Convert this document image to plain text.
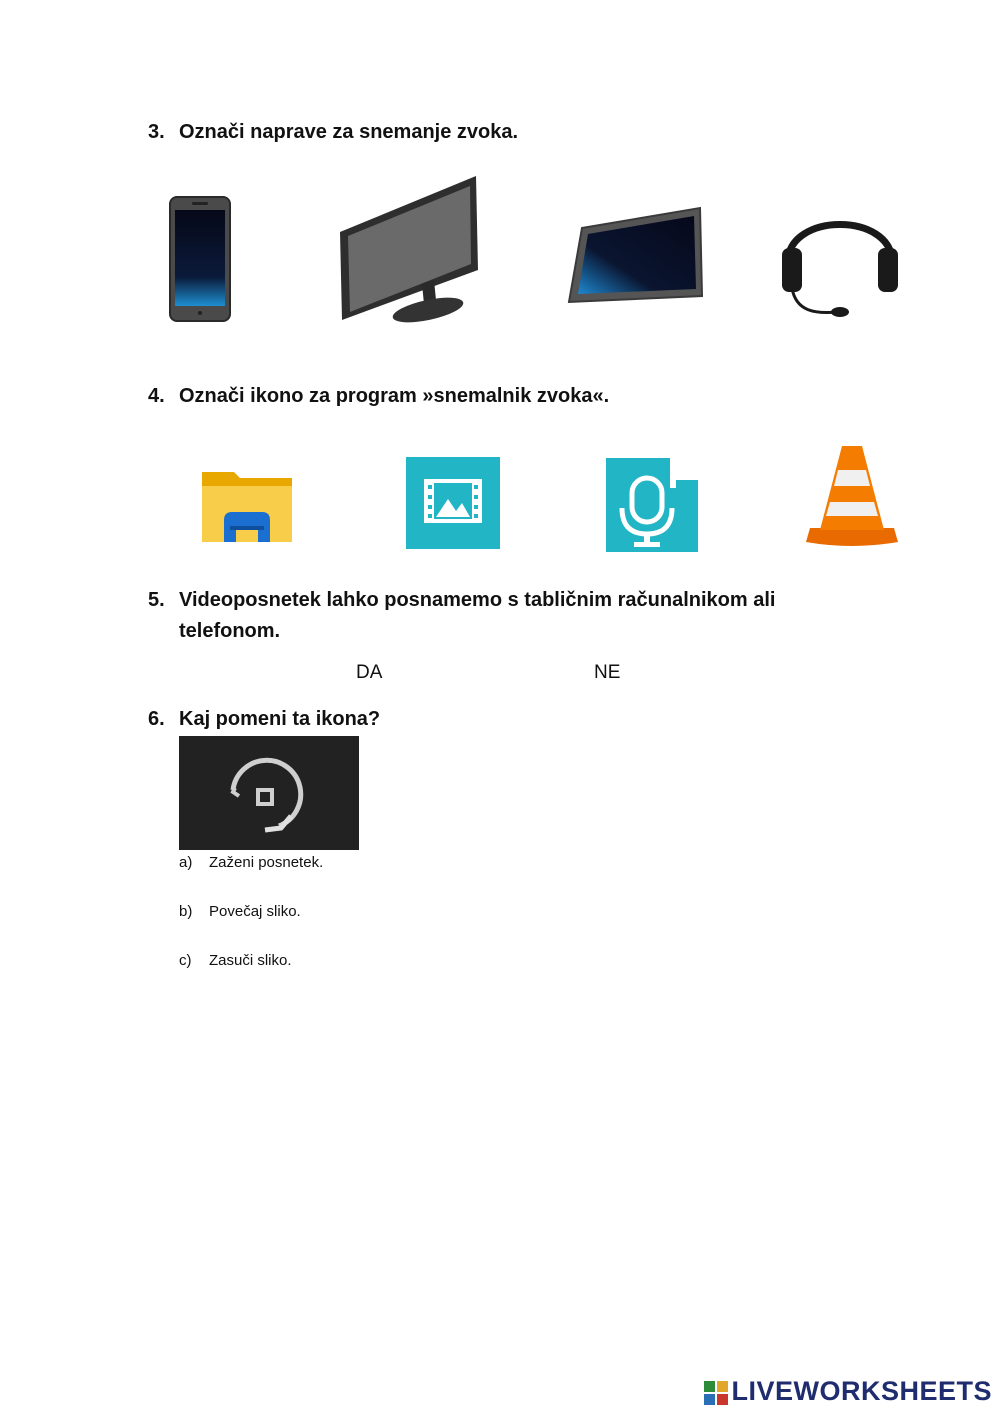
3. Označi naprave za snemanje zvoka.
4. Označi ikono za program »snemalnik zvoka«.
5. Videoposnetek lahko posnamemo s tabličnim računalnikom ali telefonom.
DA	NE
6. Kaj pomeni ta ikona?
a) Zaženi posnetek.
b) Povečaj sliko.
c) Zasuči sliko.
LIVEWORKSHEETS
